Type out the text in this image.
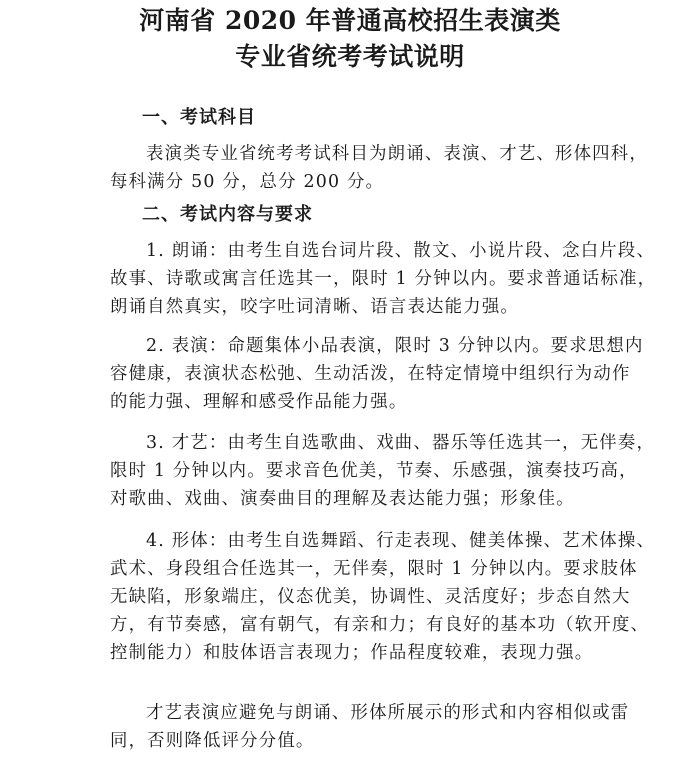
河南省 2020 年普通高校招生表演类
专业省统考考试说明
一、考试科目
表演类专业省统考考试科目为朗诵、表演、才艺、形体四科，
每科满分 50 分，总分 200 分。
二、考试内容与要求
1. 朗诵：由考生自选台词片段、散文、小说片段、念白片段、
故事、诗歌或寓言任选其一，限时 1 分钟以内。要求普通话标准，
朗诵自然真实，咬字吐词清晰、语言表达能力强。
2. 表演：命题集体小品表演，限时 3 分钟以内。要求思想内
容健康，表演状态松弛、生动活泼，在特定情境中组织行为动作
的能力强、理解和感受作品能力强。
3. 才艺：由考生自选歌曲、戏曲、器乐等任选其一，无伴奏，
限时 1 分钟以内。要求音色优美，节奏、乐感强，演奏技巧高，
对歌曲、戏曲、演奏曲目的理解及表达能力强；形象佳。
4. 形体：由考生自选舞蹈、行走表现、健美体操、艺术体操、
武术、身段组合任选其一，无伴奏，限时 1 分钟以内。要求肢体
无缺陷，形象端庄，仪态优美，协调性、灵活度好；步态自然大
方，有节奏感，富有朝气，有亲和力；有良好的基本功（软开度、
控制能力）和肢体语言表现力；作品程度较难，表现力强。
才艺表演应避免与朗诵、形体所展示的形式和内容相似或雷
同，否则降低评分分值。
